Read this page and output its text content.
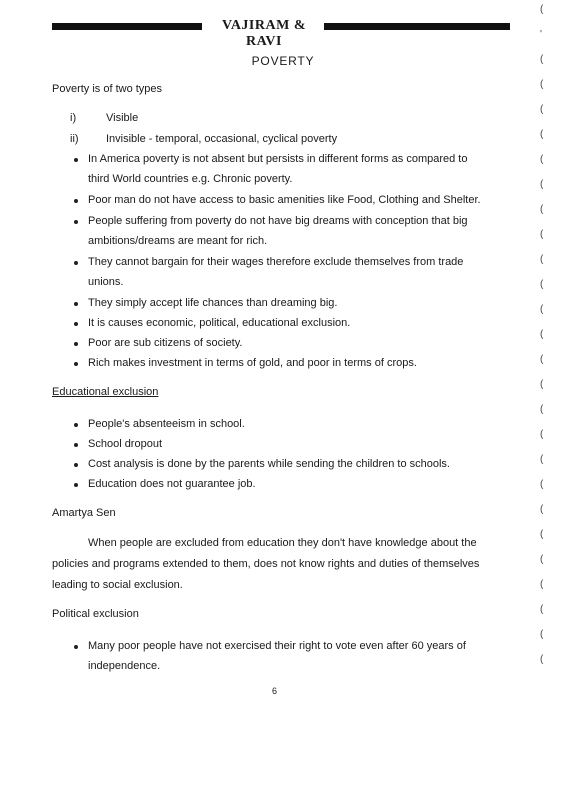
VAJIRAM & RAVI
POVERTY
Poverty is of two types
i)	Visible
ii) Invisible - temporal, occasional, cyclical poverty
In America poverty is not absent but persists in different forms as compared to
third World countries e.g. Chronic poverty.
Poor man do not have access to basic amenities like Food, Clothing and Shelter.
People suffering from poverty do not have big dreams with conception that big
ambitions/dreams are meant for rich.
They cannot bargain for their wages therefore exclude themselves from trade
unions.
They simply accept life chances than dreaming big.
It is causes economic, political, educational exclusion.
Poor are sub citizens of society.
Rich makes investment in terms of gold, and poor in terms of crops.
Educational exclusion
People's absenteeism in school.
School dropout
Cost analysis is done by the parents while sending the children to schools.
Education does not guarantee job.
Amartya Sen
When people are excluded from education they don't have knowledge about the
policies and programs extended to them, does not know rights and duties of themselves
leading to social exclusion.
Political exclusion
Many poor people have not exercised their right to vote even after 60 years of
independence.
6
(
'
(
(
(
(
(
(
(
(
(
(
(
(
(
(
(
(
(
(
(
(
(
(
(
(
(
